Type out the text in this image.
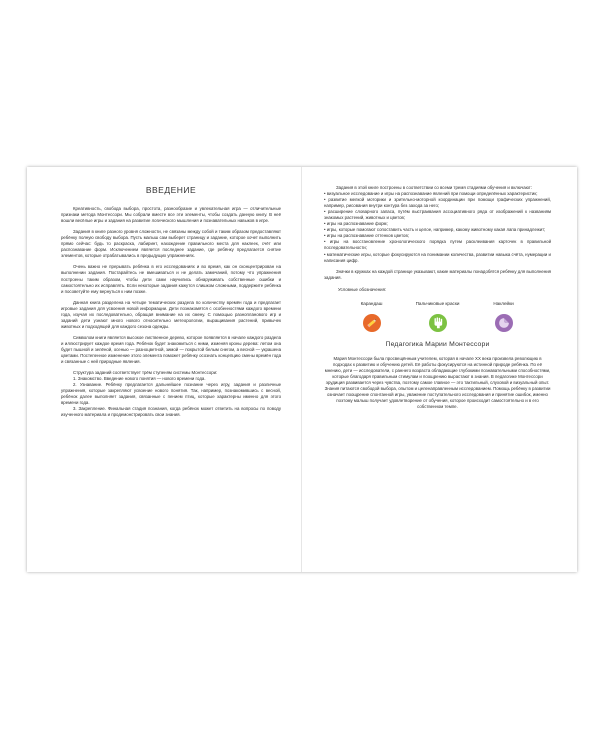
ВВЕДЕНИЕ

Креативность, свобода выбора, простота, разнообразие и увлекательная игра — отличительные признаки метода Монтессори. Мы собрали вместе все эти элементы, чтобы создать данную книгу. В неё вошли весёлые игры и задания на развитие логического мышления и познавательных навыков в игре.

Задания в книге разного уровня сложности, не связаны между собой и таким образом предоставляют ребёнку полную свободу выбора. Пусть малыш сам выберет страницу и задание, которое хочет выполнить прямо сейчас: будь то раскраска, лабиринт, нахождение правильного места для наклеек, счёт или распознавание форм. Исключением является последнее задание, где ребёнку предлагается снятие элементов, которые отрабатывались в предыдущих упражнениях.

Очень важно не прерывать ребёнка в его исследованиях и во время, как он сконцентрирован на выполнении задания. Постарайтесь не вмешиваться и не делать замечаний, потому что упражнения построены таким образом, чтобы дети сами научились обнаруживать собственные ошибки и самостоятельно их исправлять. Если некоторые задания кажутся слишком сложными, поддержите ребёнка и посоветуйте ему вернуться к ним позже.

Данная книга разделена на четыре тематических раздела по количеству времён года и предлагает игровые задания для усвоения новой информации. Дети познакомятся с особенностями каждого времени года, изучая их последовательно, обращая внимание на их смену. С помощью разнопланового игр и заданий дети узнают много нового относительно метеорологии, выращивания растений, привычек животных и подходящей для каждого сезона одежды.

Символом книги является высокое лиственное дерево, которое появляется в начале каждого раздела и иллюстрирует каждое время года. Ребёнок будет знакомиться с ними, изменяя кроны дерева: летом она будет пышной и зелёной, осенью — разноцветной, зимой — покрытой белым снегом, а весной — украшена цветами. Постепенное изменение этого элемента поможет ребёнку осознать концепцию смены времён года и связанные с ней природные явления.

Структура заданий соответствует трём ступеням системы Монтессори:

1. Знакомство. Введение нового понятия — нового времени года.

2. Узнавание. Ребёнку предлагается дальнейшее познание через игру, задания и различные упражнения, которые закрепляют усвоение нового понятия. Так, например, познакомившись с весной, ребёнок далее выполняет задания, связанные с пением птиц, которые характерны именно для этого времени года.

3. Закрепление. Финальная стадия познания, когда ребёнок может ответить на вопросы по поводу изученного материала и продемонстрировать свои знания.

Задания в этой книге построены в соответствии со всеми тремя стадиями обучения и включают:

• визуальное исследование и игры на распознавание явлений при помощи определённых характеристик;

• развитие мелкой моторики и зрительно-моторной координации при помощи графических упражнений, например, рисования внутри контура без захода за него;

• расширение словарного запаса, путём выстраивания ассоциативного ряда от изображений к названиям знакомых растений, животных и цветов;

• игры на распознавание форм;

• игры, которые помогают сопоставить часть и целое, например, какому животному какая лапа принадлежит;

• игры на распознавание оттенков цветов;

• игры на восстановление хронологического порядка путем расклеивания карточек в правильной последовательности;

• математические игры, которые фокусируются на понимании количества, развитии навыка счёта, нумерации и написания цифр.

Значки в кружках на каждой странице указывают, какие материалы понадобятся ребёнку для выполнения задания.

Условные обозначения:

Карандаш	Пальчиковые краски	Наклейки
Педагогика Марии Монтессори

Мария Монтессори была просвещённым учителем, которая в начале XX века произвела революцию в подходах к развитию и обучению детей. Её работы фокусируются на истинной природе ребёнка. По её мнению, дети — исследователи, с раннего возраста обладающие глубокими познавательными способностями, которые благодаря правильным стимулам и поощрению вырастают в знания. В педагогике Монтессори эрудиция развивается через чувства, поэтому самое главное — это тактильный, слуховой и визуальный опыт. Знания питаются свободой выбора, опытом и целенаправленным исследованием. Помощь ребёнку в развитии означает поощрение спонтанной игры, уважение поступательного исследования и принятие ошибок, именно поэтому малыш получает удовлетворение от обучения, которое происходит самостоятельно и в его собственном темпе.
